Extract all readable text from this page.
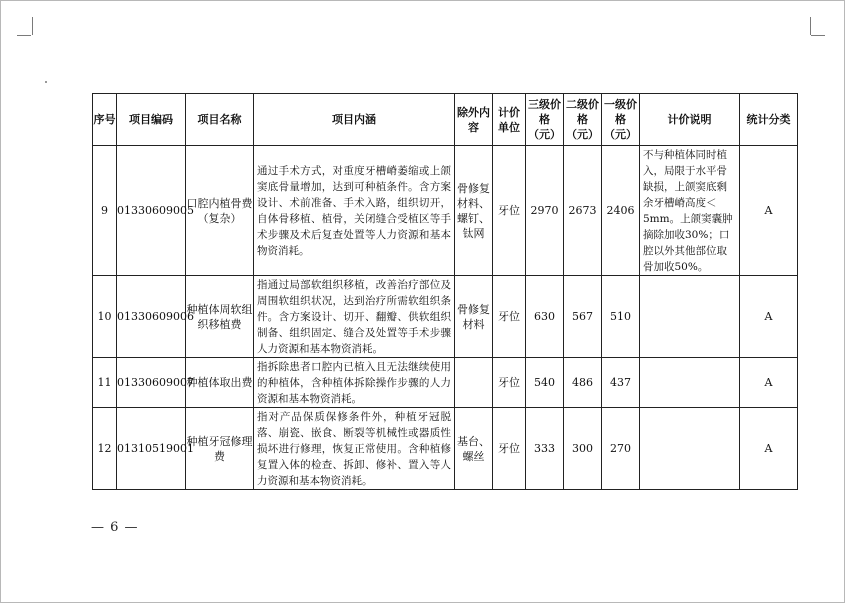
序号	项目编码	项目名称	项目内涵	除外内容	计价单位	三级价格（元）	二级价格（元）	一级价格（元）	计价说明	统计分类
9	01330609005	口腔内植骨费（复杂）	通过手术方式，对重度牙槽嵴萎缩或上颌窦底骨量增加，达到可种植条件。含方案设计、术前准备、手术入路，组织切开，自体骨移植、植骨，关闭缝合受植区等手术步骤及术后复查处置等人力资源和基本物资消耗。	骨修复材料、螺钉、钛网	牙位	2970	2673	2406	不与种植体同时植入，局限于水平骨缺损，上颌窦底剩余牙槽嵴高度＜5mm。上颌窦囊肿摘除加收30%；口腔以外其他部位取骨加收50%。	A
10	01330609006	种植体周软组织移植费	指通过局部软组织移植，改善治疗部位及周围软组织状况，达到治疗所需软组织条件。含方案设计、切开、翻瓣、供软组织制备、组织固定、缝合及处置等手术步骤人力资源和基本物资消耗。	骨修复材料	牙位	630	567	510		A
11	01330609007	种植体取出费	指拆除患者口腔内已植入且无法继续使用的种植体，含种植体拆除操作步骤的人力资源和基本物资消耗。		牙位	540	486	437		A
12	01310519001	种植牙冠修理费	指对产品保质保修条件外，种植牙冠脱落、崩瓷、嵌食、断裂等机械性或器质性损坏进行修理，恢复正常使用。含种植修复置入体的检查、拆卸、修补、置入等人力资源和基本物资消耗。	基台、螺丝	牙位	333	300	270		A
— 6 —
